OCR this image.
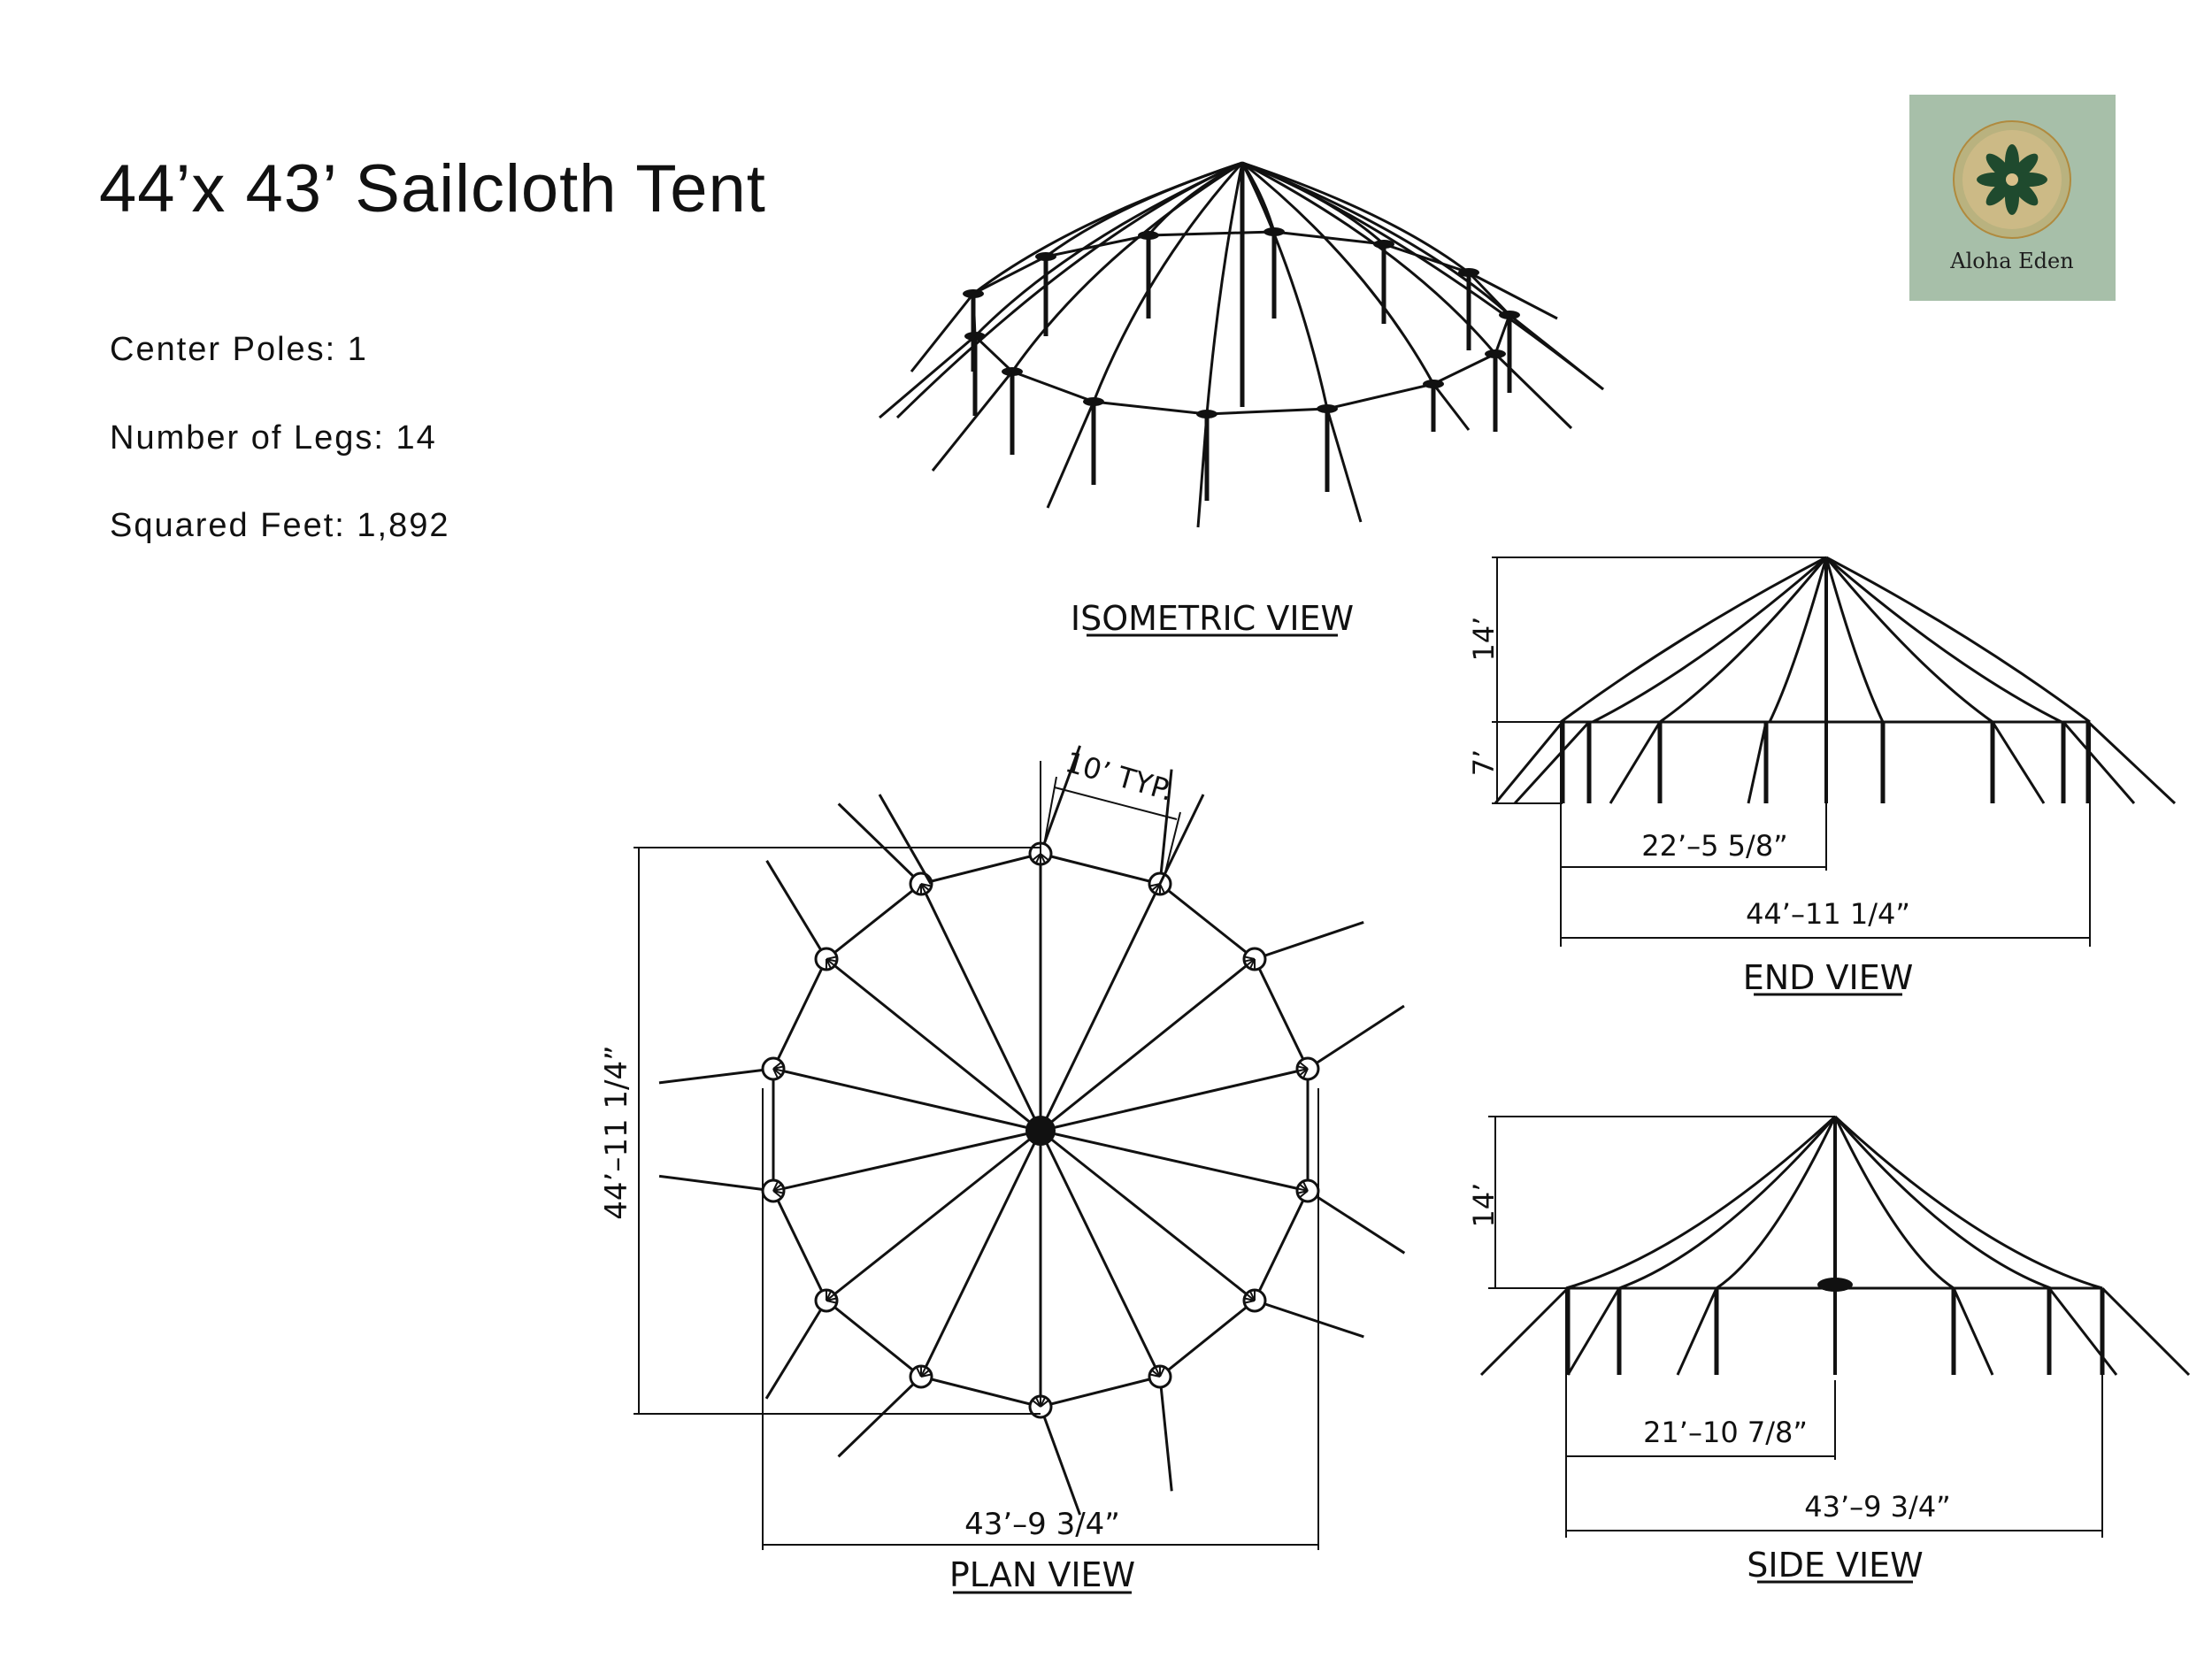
44’x 43’ Sailcloth Tent
Center Poles: 1
Number of Legs: 14
Squared Feet: 1,892
ISOMETRIC VIEW
PLAN VIEW
END VIEW
SIDE VIEW
10’ TYP.
44’–11 1/4”
43’–9 3/4”
14’
7’
22’–5 5/8”
44’–11 1/4”
14’
21’–10 7/8”
43’–9 3/4”
Aloha Eden
